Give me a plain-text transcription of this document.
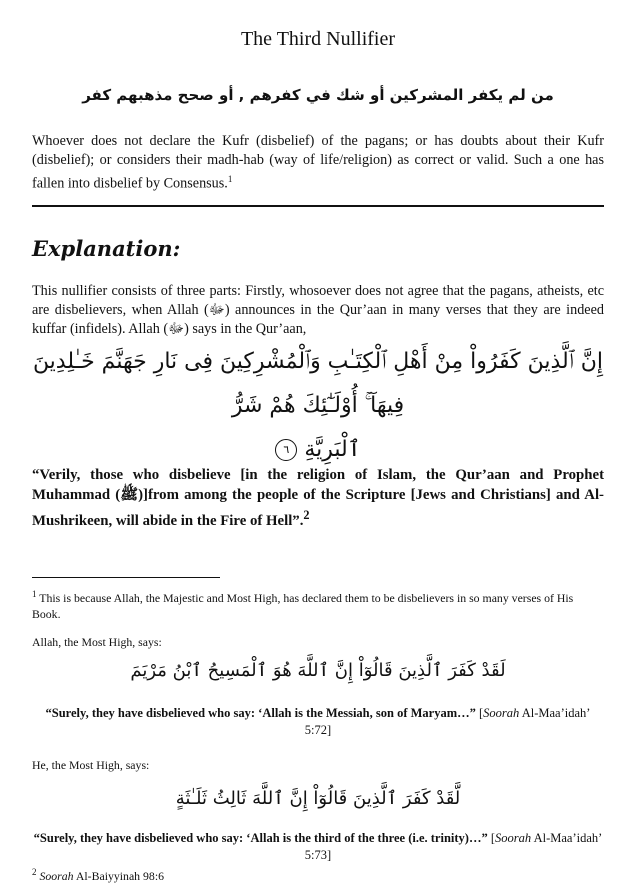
The Third Nullifier
من لم يكفر المشركين أو شك في كفرهم , أو صحح مذهبهم كفر
Whoever does not declare the Kufr (disbelief) of the pagans; or has doubts about their Kufr (disbelief); or considers their madh-hab (way of life/religion) as correct or valid. Such a one has fallen into disbelief by Consensus.$^1$
Explanation:
This nullifier consists of three parts: Firstly, whosoever does not agree that the pagans, atheists, etc are disbelievers, when Allah (ﷻ) announces in the Qur’aan in many verses that they are indeed kuffar (infidels). Allah (ﷻ) says in the Qur’aan,
إِنَّ ٱلَّذِينَ كَفَرُواْ مِنْ أَهْلِ ٱلْكِتَـٰبِ وَٱلْمُشْرِكِينَ فِى نَارِ جَهَنَّمَ خَـٰلِدِينَ فِيهَآ ۚ أُوْلَـٰٓئِكَ هُمْ شَرُّ
ٱلْبَرِيَّةِ ٦
“Verily, those who disbelieve [in the religion of Islam, the Qur’aan and Prophet Muhammad (ﷺ)]from among the people of the Scripture [Jews and Christians] and Al-Mushrikeen, will abide in the Fire of Hell”.$^2$
$^1$ This is because Allah, the Majestic and Most High, has declared them to be disbelievers in so many verses of His Book.
Allah, the Most High, says:
لَقَدْ كَفَرَ ٱلَّذِينَ قَالُوٓاْ إِنَّ ٱللَّهَ هُوَ ٱلْمَسِيحُ ٱبْنُ مَرْيَمَ
“Surely, they have disbelieved who say: ‘Allah is the Messiah, son of Maryam…” [Soorah Al-Maa’idah’ 5:72]
He, the Most High, says:
لَّقَدْ كَفَرَ ٱلَّذِينَ قَالُوٓاْ إِنَّ ٱللَّهَ ثَالِثُ ثَلَـٰثَةٍ
“Surely, they have disbelieved who say: ‘Allah is the third of the three (i.e. trinity)…” [Soorah Al-Maa’idah’ 5:73]
$^2$ Soorah Al-Baiyyinah 98:6
